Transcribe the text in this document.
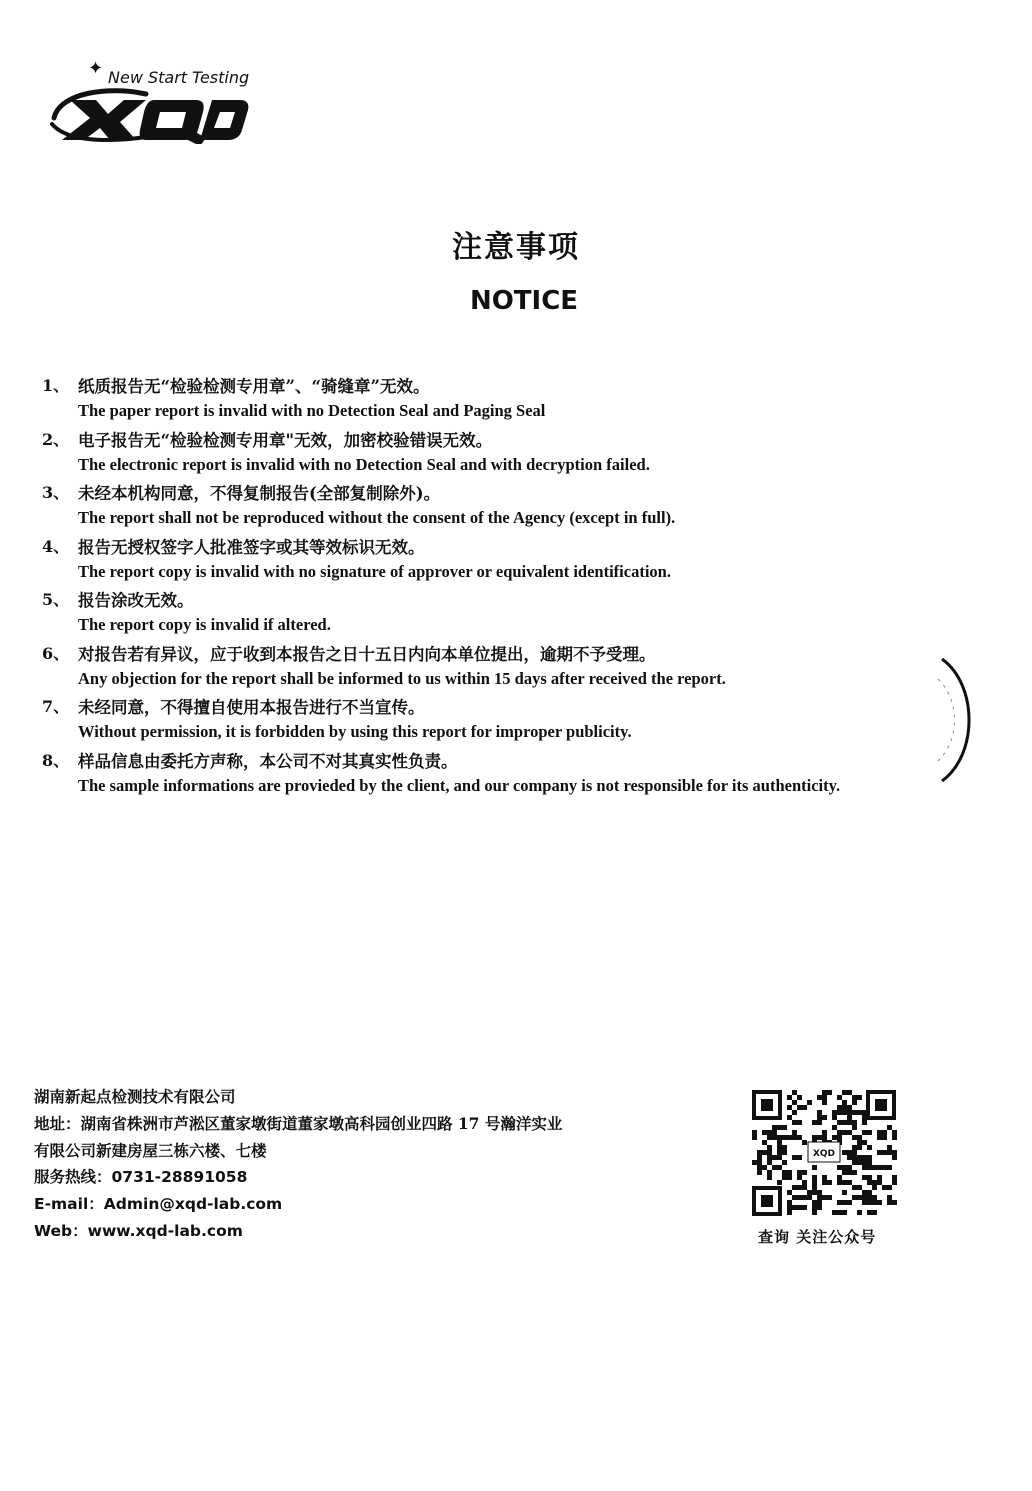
✦ New Start Testing
注意事项
NOTICE
1、 纸质报告无“检验检测专用章”、“骑缝章”无效。
The paper report is invalid with no Detection Seal and Paging Seal
2、 电子报告无“检验检测专用章"无效，加密校验错误无效。
The electronic report is invalid with no Detection Seal and with decryption failed.
3、 未经本机构同意，不得复制报告(全部复制除外)。
The report shall not be reproduced without the consent of the Agency (except in full).
4、 报告无授权签字人批准签字或其等效标识无效。
The report copy is invalid with no signature of approver or equivalent identification.
5、 报告涂改无效。
The report copy is invalid if altered.
6、 对报告若有异议，应于收到本报告之日十五日内向本单位提出，逾期不予受理。
Any objection for the report shall be informed to us within 15 days after received the report.
7、 未经同意，不得擅自使用本报告进行不当宣传。
Without permission, it is forbidden by using this report for improper publicity.
8、 样品信息由委托方声称，本公司不对其真实性负责。
The sample informations are provieded by the client, and our company is not responsible for its authenticity.
湖南新起点检测技术有限公司
地址：湖南省株洲市芦淞区董家墩街道董家墩高科园创业四路 17 号瀚洋实业
有限公司新建房屋三栋六楼、七楼
服务热线：0731-28891058
E-mail：Admin@xqd-lab.com
Web：www.xqd-lab.com
XQD
查询 关注公众号
